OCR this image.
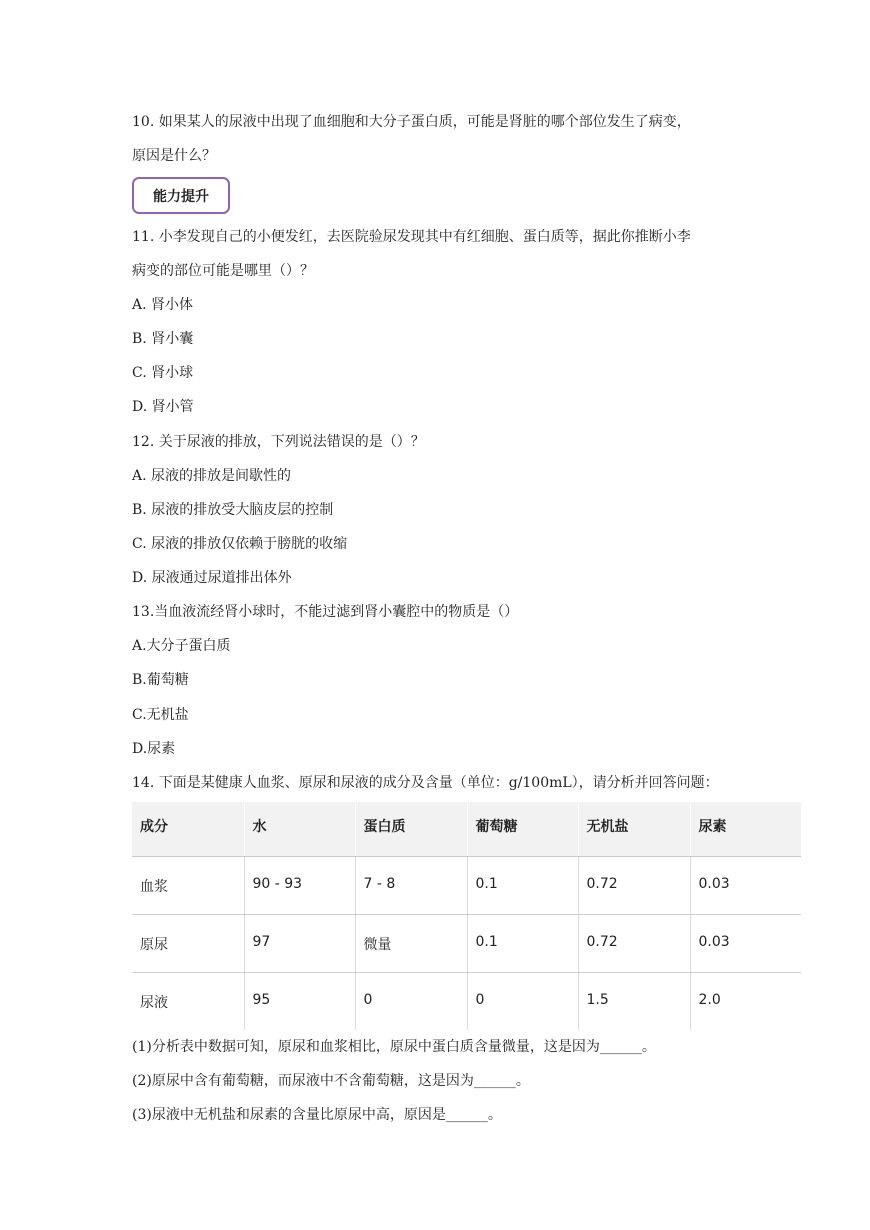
10. 如果某人的尿液中出现了血细胞和大分子蛋白质，可能是肾脏的哪个部位发生了病变，
原因是什么？
能力提升
11. 小李发现自己的小便发红，去医院验尿发现其中有红细胞、蛋白质等，据此你推断小李
病变的部位可能是哪里（）？
A. 肾小体
B. 肾小囊
C. 肾小球
D. 肾小管
12. 关于尿液的排放，下列说法错误的是（）？
A. 尿液的排放是间歇性的
B. 尿液的排放受大脑皮层的控制
C. 尿液的排放仅依赖于膀胱的收缩
D. 尿液通过尿道排出体外
13.当血液流经肾小球时，不能过滤到肾小囊腔中的物质是（）
A.大分子蛋白质
B.葡萄糖
C.无机盐
D.尿素
14. 下面是某健康人血浆、原尿和尿液的成分及含量（单位：g/100mL），请分析并回答问题：
成分	水	蛋白质	葡萄糖	无机盐	尿素
血浆	90 - 93	7 - 8	0.1	0.72	0.03
原尿	97	微量	0.1	0.72	0.03
尿液	95	0	0	1.5	2.0
(1)分析表中数据可知，原尿和血浆相比，原尿中蛋白质含量微量，这是因为______。
(2)原尿中含有葡萄糖，而尿液中不含葡萄糖，这是因为______。
(3)尿液中无机盐和尿素的含量比原尿中高，原因是______。
